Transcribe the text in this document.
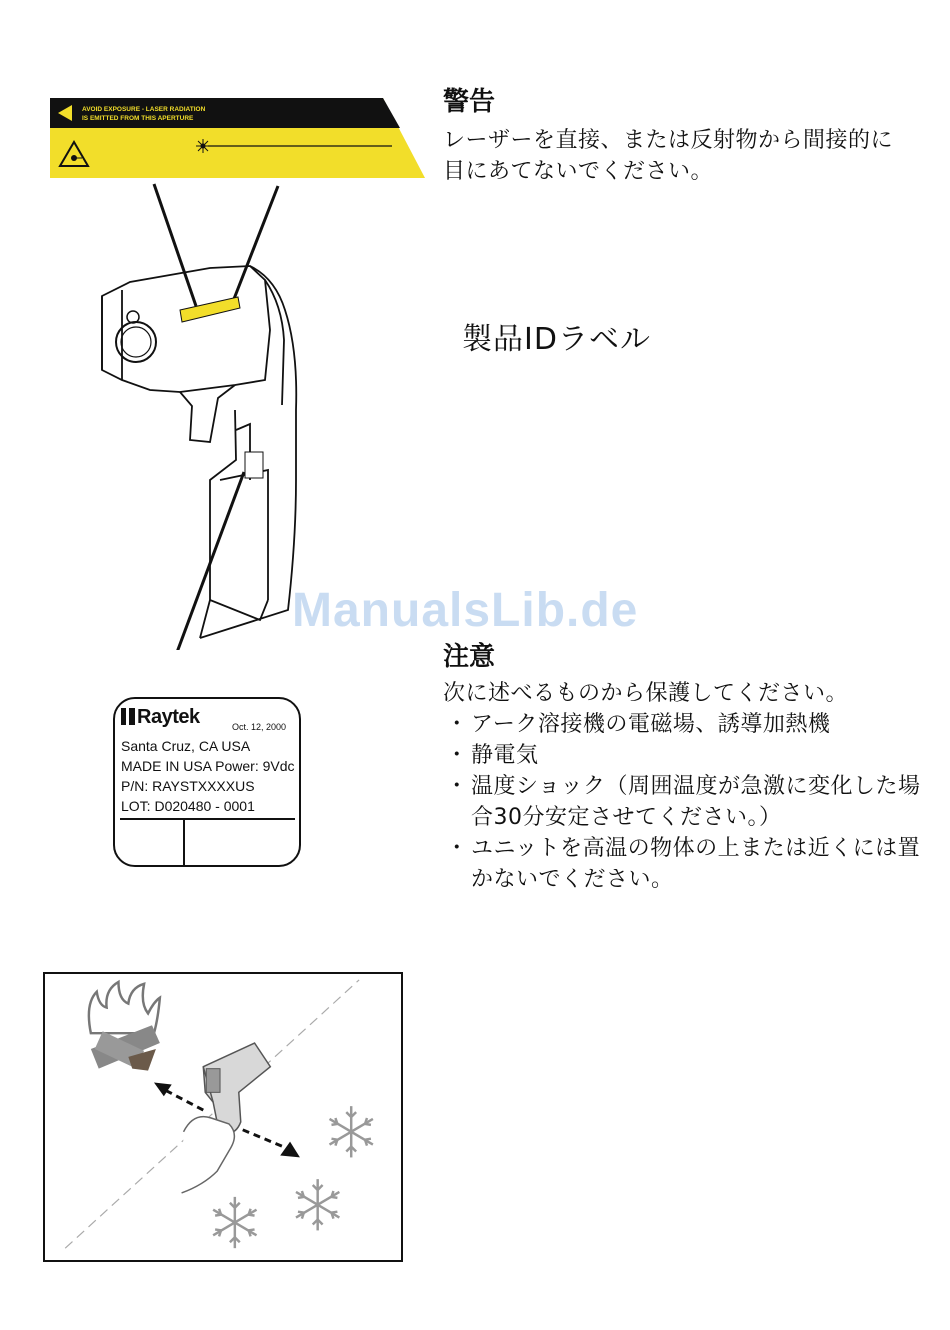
AVOID EXPOSURE - LASER RADIATION
IS EMITTED FROM THIS APERTURE
Raytek	Oct. 12, 2000
Santa Cruz, CA USA
MADE IN USA Power: 9Vdc
P/N: RAYSTXXXXUS
LOT: D020480 - 0001
警告
レーザーを直接、または反射物から間接的に目にあてないでください。
製品IDラベル
ManualsLib.de
注意
次に述べるものから保護してください。
・ アーク溶接機の電磁場、誘導加熱機
・ 静電気
・ 温度ショック（周囲温度が急激に変化した場合30分安定させてください。）
・ ユニットを高温の物体の上または近くには置かないでください。
